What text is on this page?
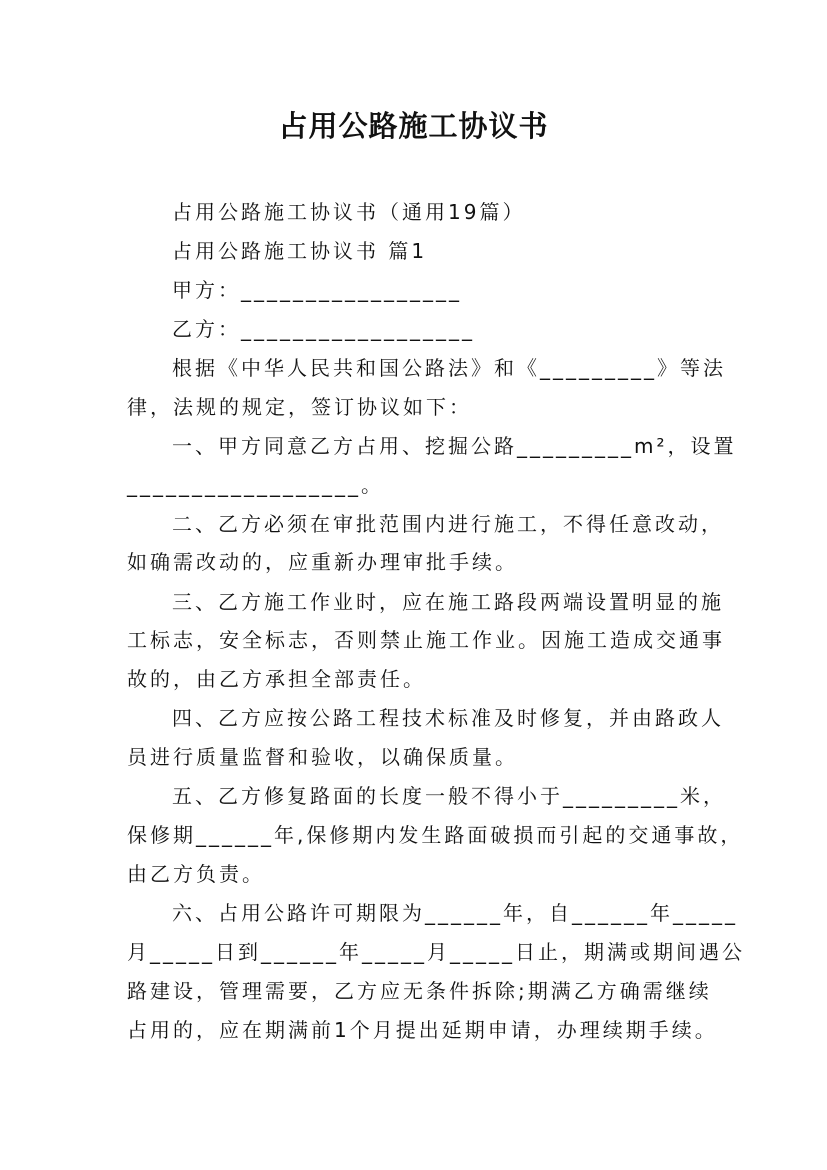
占用公路施工协议书
占用公路施工协议书（通用19篇）
占用公路施工协议书 篇1
甲方：_________________
乙方：__________________
根据《中华人民共和国公路法》和《_________》等法
律，法规的规定，签订协议如下：
一、甲方同意乙方占用、挖掘公路_________m²，设置
__________________。
二、乙方必须在审批范围内进行施工，不得任意改动，
如确需改动的，应重新办理审批手续。
三、乙方施工作业时，应在施工路段两端设置明显的施
工标志，安全标志，否则禁止施工作业。因施工造成交通事
故的，由乙方承担全部责任。
四、乙方应按公路工程技术标准及时修复，并由路政人
员进行质量监督和验收，以确保质量。
五、乙方修复路面的长度一般不得小于_________米，
保修期______年,保修期内发生路面破损而引起的交通事故，
由乙方负责。
六、占用公路许可期限为______年，自______年_____
月_____日到______年_____月_____日止，期满或期间遇公
路建设，管理需要，乙方应无条件拆除;期满乙方确需继续
占用的，应在期满前1个月提出延期申请，办理续期手续。
